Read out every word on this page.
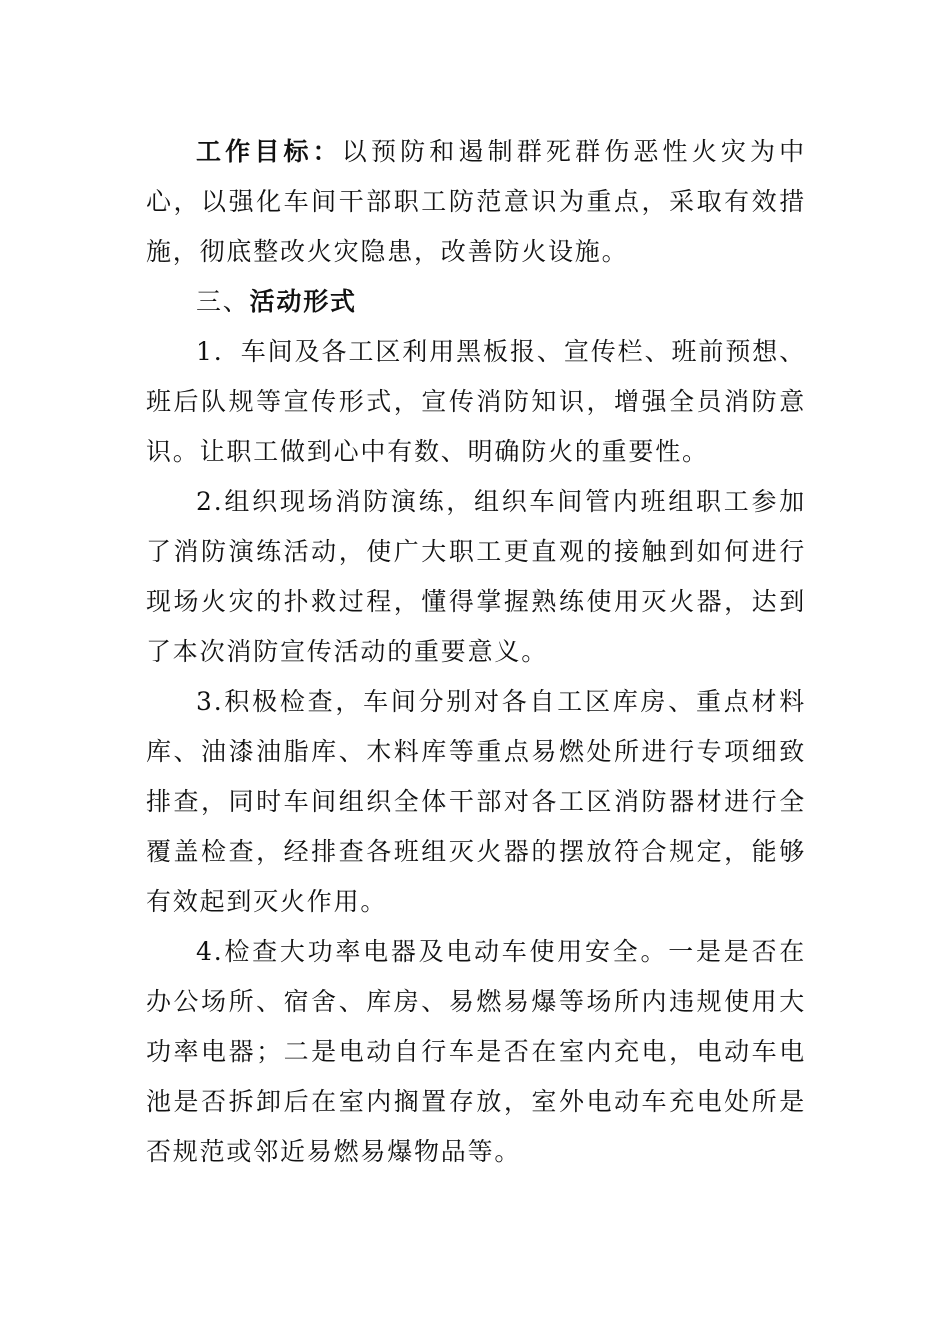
工作目标：以预防和遏制群死群伤恶性火灾为中心，以强化车间干部职工防范意识为重点，采取有效措施，彻底整改火灾隐患，改善防火设施。

三、活动形式

1．车间及各工区利用黑板报、宣传栏、班前预想、班后队规等宣传形式，宣传消防知识，增强全员消防意识。让职工做到心中有数、明确防火的重要性。

2.组织现场消防演练，组织车间管内班组职工参加了消防演练活动，使广大职工更直观的接触到如何进行现场火灾的扑救过程，懂得掌握熟练使用灭火器，达到了本次消防宣传活动的重要意义。

3.积极检查，车间分别对各自工区库房、重点材料库、油漆油脂库、木料库等重点易燃处所进行专项细致排查，同时车间组织全体干部对各工区消防器材进行全覆盖检查，经排查各班组灭火器的摆放符合规定，能够有效起到灭火作用。

4.检查大功率电器及电动车使用安全。一是是否在办公场所、宿舍、库房、易燃易爆等场所内违规使用大功率电器；二是电动自行车是否在室内充电，电动车电池是否拆卸后在室内搁置存放，室外电动车充电处所是否规范或邻近易燃易爆物品等。
